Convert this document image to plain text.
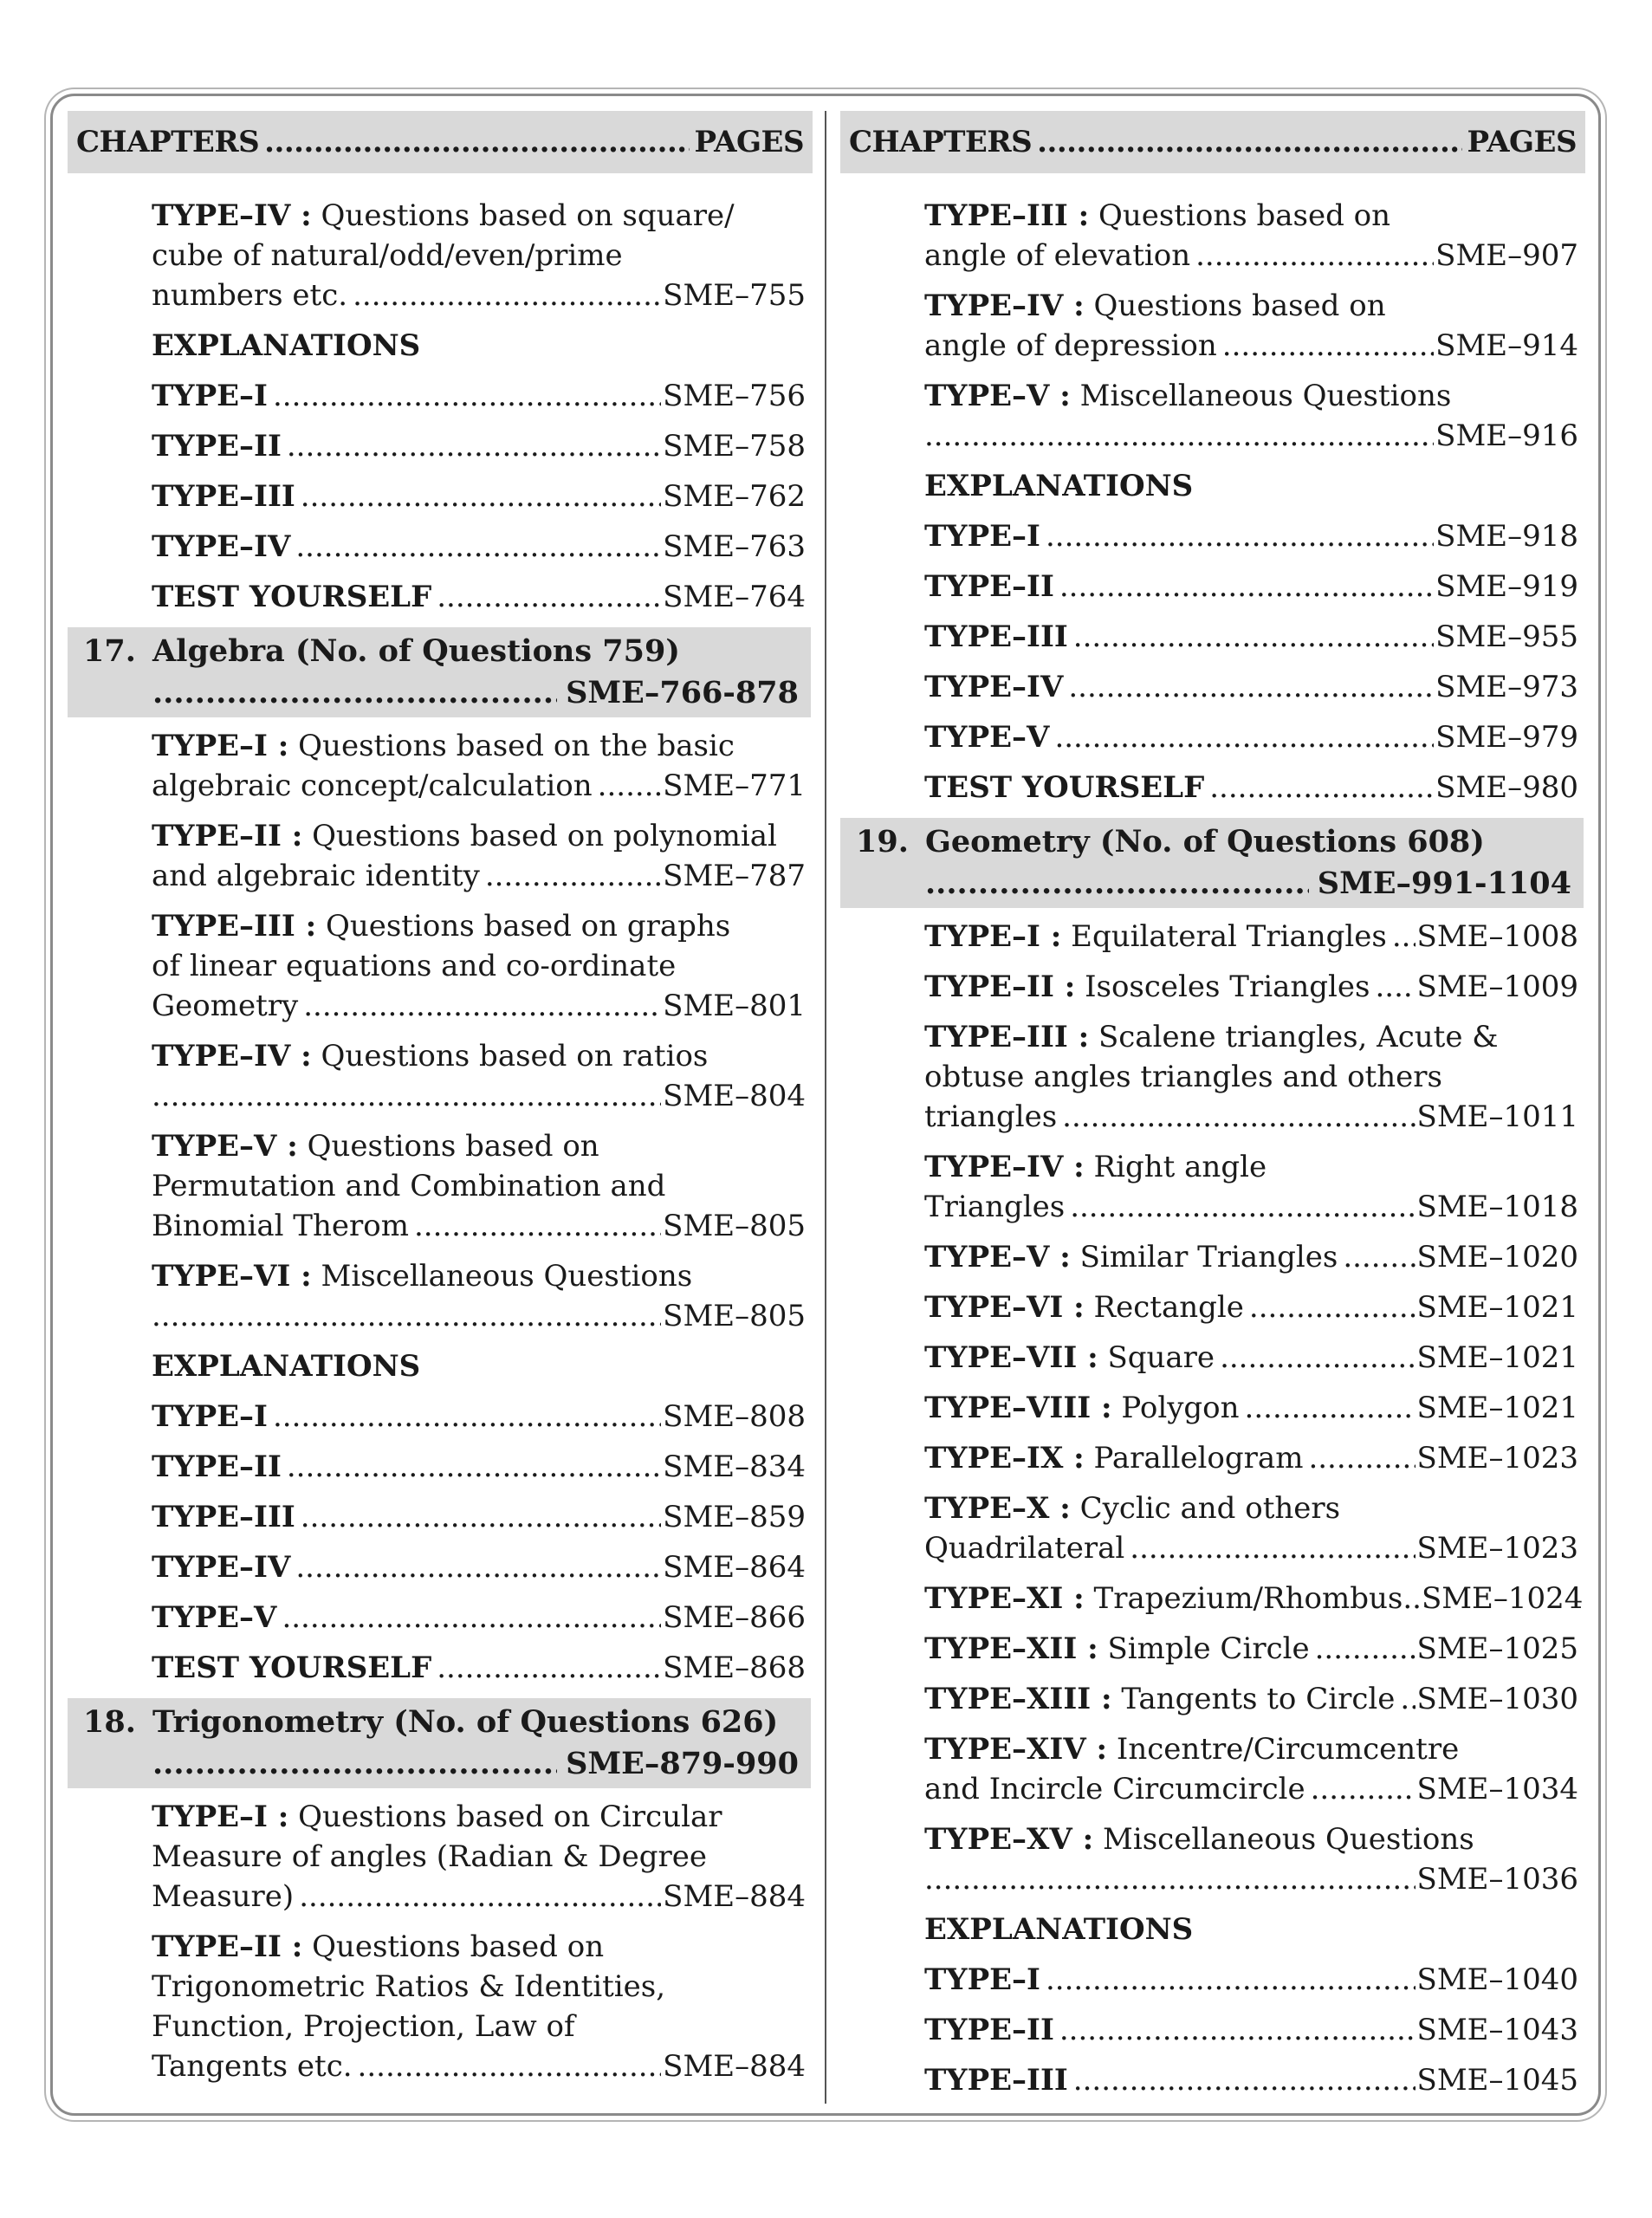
CHAPTERS .....	PAGES
TYPE–IV : Questions based on square/
cube of natural/odd/even/prime
numbers etc. .....	SME–755
EXPLANATIONS
TYPE–I .....	SME–756
TYPE–II .....	SME–758
TYPE–III .....	SME–762
TYPE–IV .....	SME–763
TEST YOURSELF .....	SME–764
17. Algebra (No. of Questions 759)
.....
SME–766-878
TYPE–I : Questions based on the basic
algebraic concept/calculation ..... SME–771
TYPE–II : Questions based on polynomial
and algebraic identity .....	SME–787
TYPE–III : Questions based on graphs
of linear equations and co-ordinate
Geometry .....	SME–801
TYPE–IV : Questions based on ratios
.....
SME–804
TYPE–V : Questions based on
Permutation and Combination and
Binomial Therom .....	SME–805
TYPE–VI : Miscellaneous Questions
.....
SME–805
EXPLANATIONS
TYPE–I .....	SME–808
TYPE–II .....	SME–834
TYPE–III .....	SME–859
TYPE–IV .....	SME–864
TYPE–V .....	SME–866
TEST YOURSELF .....	SME–868
18. Trigonometry (No. of Questions 626)
.....
SME–879-990
TYPE–I : Questions based on Circular
Measure of angles (Radian & Degree
Measure) .....	SME–884
TYPE–II : Questions based on
Trigonometric Ratios & Identities,
Function, Projection, Law of
Tangents etc. .....	SME–884
CHAPTERS .....	PAGES
TYPE–III : Questions based on
angle of elevation .....	SME–907
TYPE–IV : Questions based on
angle of depression .....	SME–914
TYPE–V : Miscellaneous Questions
.....
SME–916
EXPLANATIONS
TYPE–I .....	SME–918
TYPE–II .....	SME–919
TYPE–III .....	SME–955
TYPE–IV .....	SME–973
TYPE–V .....	SME–979
TEST YOURSELF .....	SME–980
19. Geometry (No. of Questions 608)
.....
SME–991-1104
TYPE–I : Equilateral Triangles ..... SME–1008
TYPE–II : Isosceles Triangles ..... SME–1009
TYPE–III : Scalene triangles, Acute &
obtuse angles triangles and others
triangles .....	SME–1011
TYPE–IV : Right angle
Triangles .....	SME–1018
TYPE–V : Similar Triangles .....	SME–1020
TYPE–VI : Rectangle .....	SME–1021
TYPE–VII : Square .....	SME–1021
TYPE–VIII : Polygon .....	SME–1021
TYPE–IX : Parallelogram .....	SME–1023
TYPE–X : Cyclic and others
Quadrilateral .....	SME–1023
TYPE–XI : Trapezium/Rhombus.. SME–1024
TYPE–XII : Simple Circle .....	SME–1025
TYPE–XIII : Tangents to Circle ..... SME–1030
TYPE–XIV : Incentre/Circumcentre
and Incircle Circumcircle .....	SME–1034
TYPE–XV : Miscellaneous Questions
.....
SME–1036
EXPLANATIONS
TYPE–I .....	SME–1040
TYPE–II .....	SME–1043
TYPE–III .....	SME–1045
